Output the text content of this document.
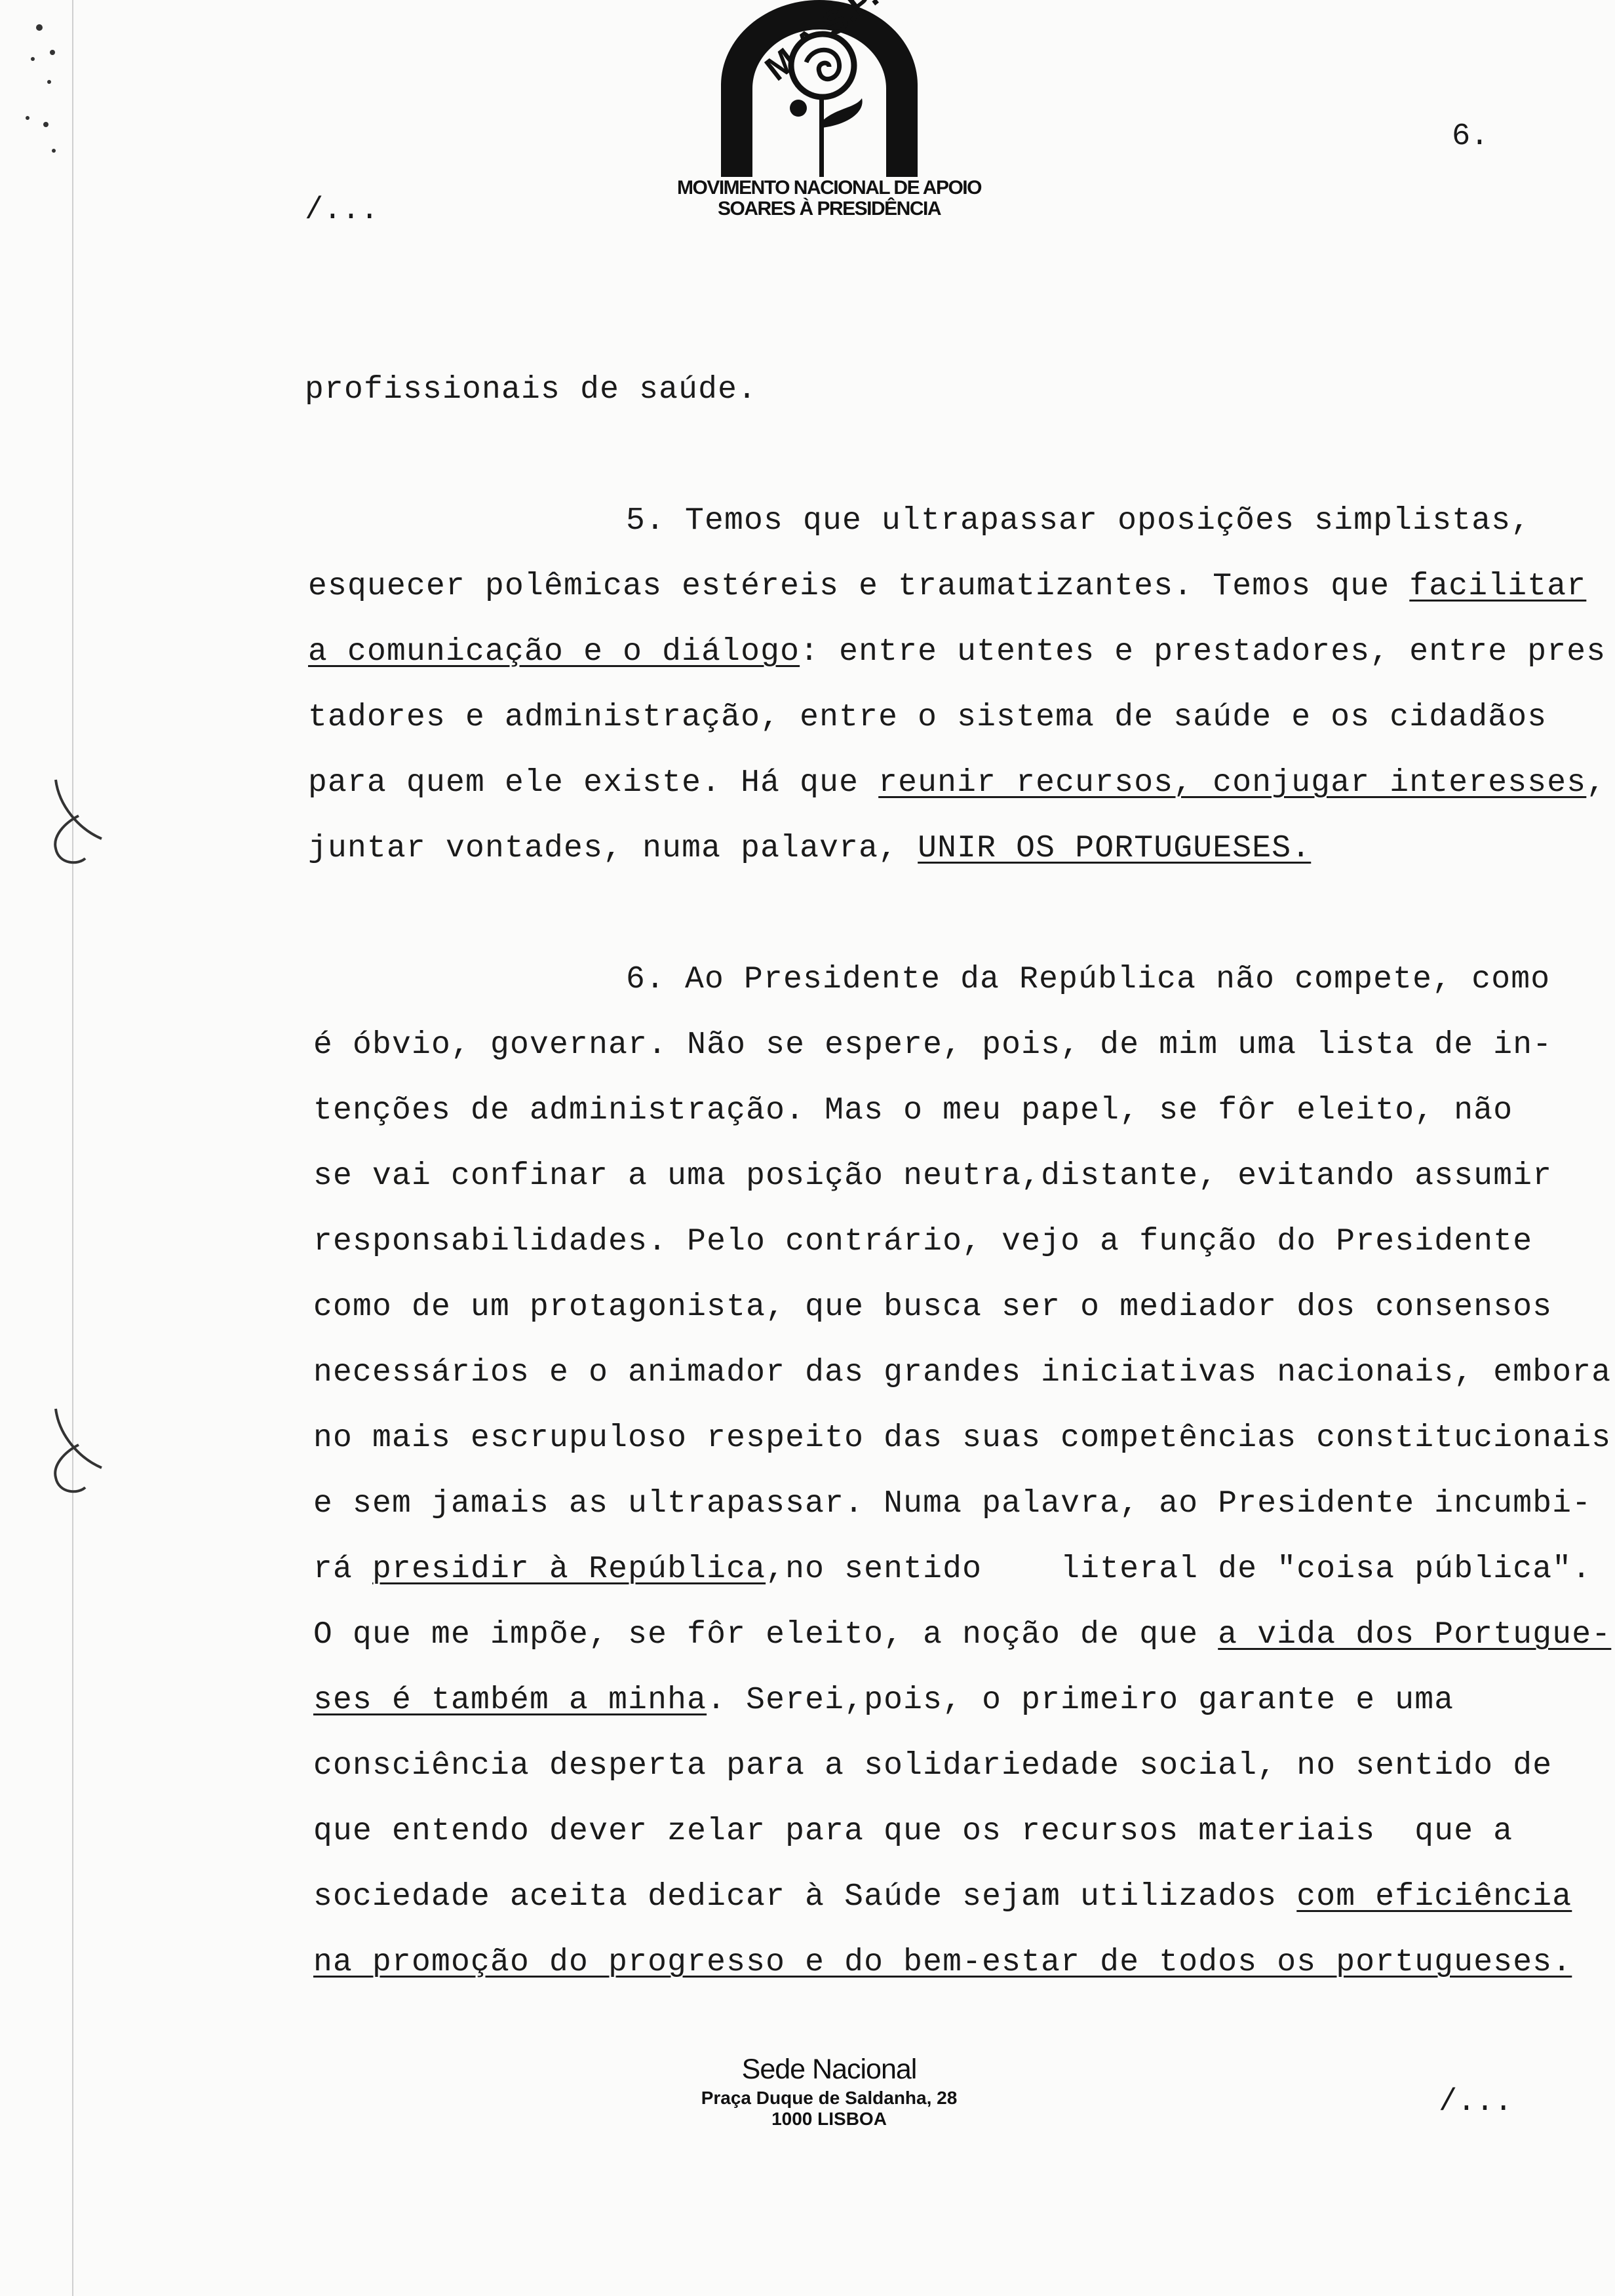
MOVIMENTO NACIONAL DE APOIO
SOARES À PRESIDÊNCIA
6.
/...
profissionais de saúde.
5. Temos que ultrapassar oposições simplistas,
esquecer polêmicas estéreis e traumatizantes. Temos que facilitar
a comunicação e o diálogo: entre utentes e prestadores, entre pres
tadores e administração, entre o sistema de saúde e os cidadãos
para quem ele existe. Há que reunir recursos, conjugar interesses,
juntar vontades, numa palavra, UNIR OS PORTUGUESES.
6. Ao Presidente da República não compete, como
é óbvio, governar. Não se espere, pois, de mim uma lista de in-
tenções de administração. Mas o meu papel, se fôr eleito, não
se vai confinar a uma posição neutra,distante, evitando assumir
responsabilidades. Pelo contrário, vejo a função do Presidente
como de um protagonista, que busca ser o mediador dos consensos
necessários e o animador das grandes iniciativas nacionais, embora
no mais escrupuloso respeito das suas competências constitucionais
e sem jamais as ultrapassar. Numa palavra, ao Presidente incumbi-
rá presidir à República,no sentido    literal de "coisa pública".
O que me impõe, se fôr eleito, a noção de que a vida dos Portugue-
ses é também a minha. Serei,pois, o primeiro garante e uma
consciência desperta para a solidariedade social, no sentido de
que entendo dever zelar para que os recursos materiais  que a
sociedade aceita dedicar à Saúde sejam utilizados com eficiência
na promoção do progresso e do bem-estar de todos os portugueses.
Sede Nacional
Praça Duque de Saldanha, 28
1000 LISBOA	/...
